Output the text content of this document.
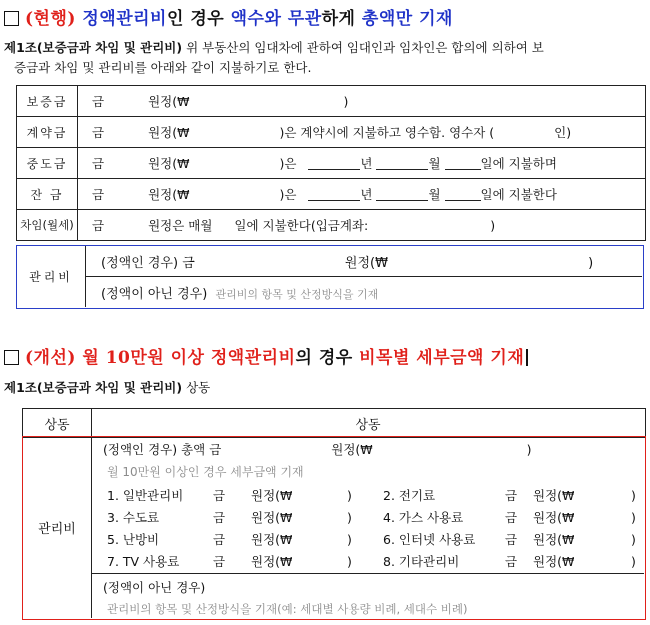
(현행) 정액관리비인 경우 액수와 무관하게 총액만 기재
제1조(보증금과 차임 및 관리비) 위 부동산의 임대차에 관하여 임대인과 임차인은 합의에 의하여 보
증금과 차임 및 관리비를 아래와 같이 지불하기로 한다.
보증금	금 원정(₩ )
계약금	금 원정(₩ )은 계약시에 지불하고 영수함. 영수자 ( 인)
중도금	금 원정(₩ )은 년 월 일에 지불하며
잔 금	금 원정(₩ )은 년 월 일에 지불한다
차임(월세)	금 원정은 매월 일에 지불한다(입금계좌: )
관리비
(정액인 경우) 금	원정(₩	)
(정액이 아닌 경우) 관리비의 항목 및 산정방식을 기재
(개선) 월 10만원 이상 정액관리비의 경우 비목별 세부금액 기재
제1조(보증금과 차임 및 관리비) 상동
상동	상동
관리비
(정액인 경우) 총액 금	원정(₩	)
월 10만원 이상인 경우 세부금액 기재
1. 일반관리비 금 원정(₩	) 2. 전기료	금 원정(₩	)
3. 수도료	금 원정(₩	) 4. 가스 사용료	금 원정(₩	)
5. 난방비	금 원정(₩	) 6. 인터넷 사용료 금 원정(₩	)
7. TV 사용료	금 원정(₩	) 8. 기타관리비	금 원정(₩	)
(정액이 아닌 경우)
관리비의 항목 및 산정방식을 기재(예: 세대별 사용량 비례, 세대수 비례)
